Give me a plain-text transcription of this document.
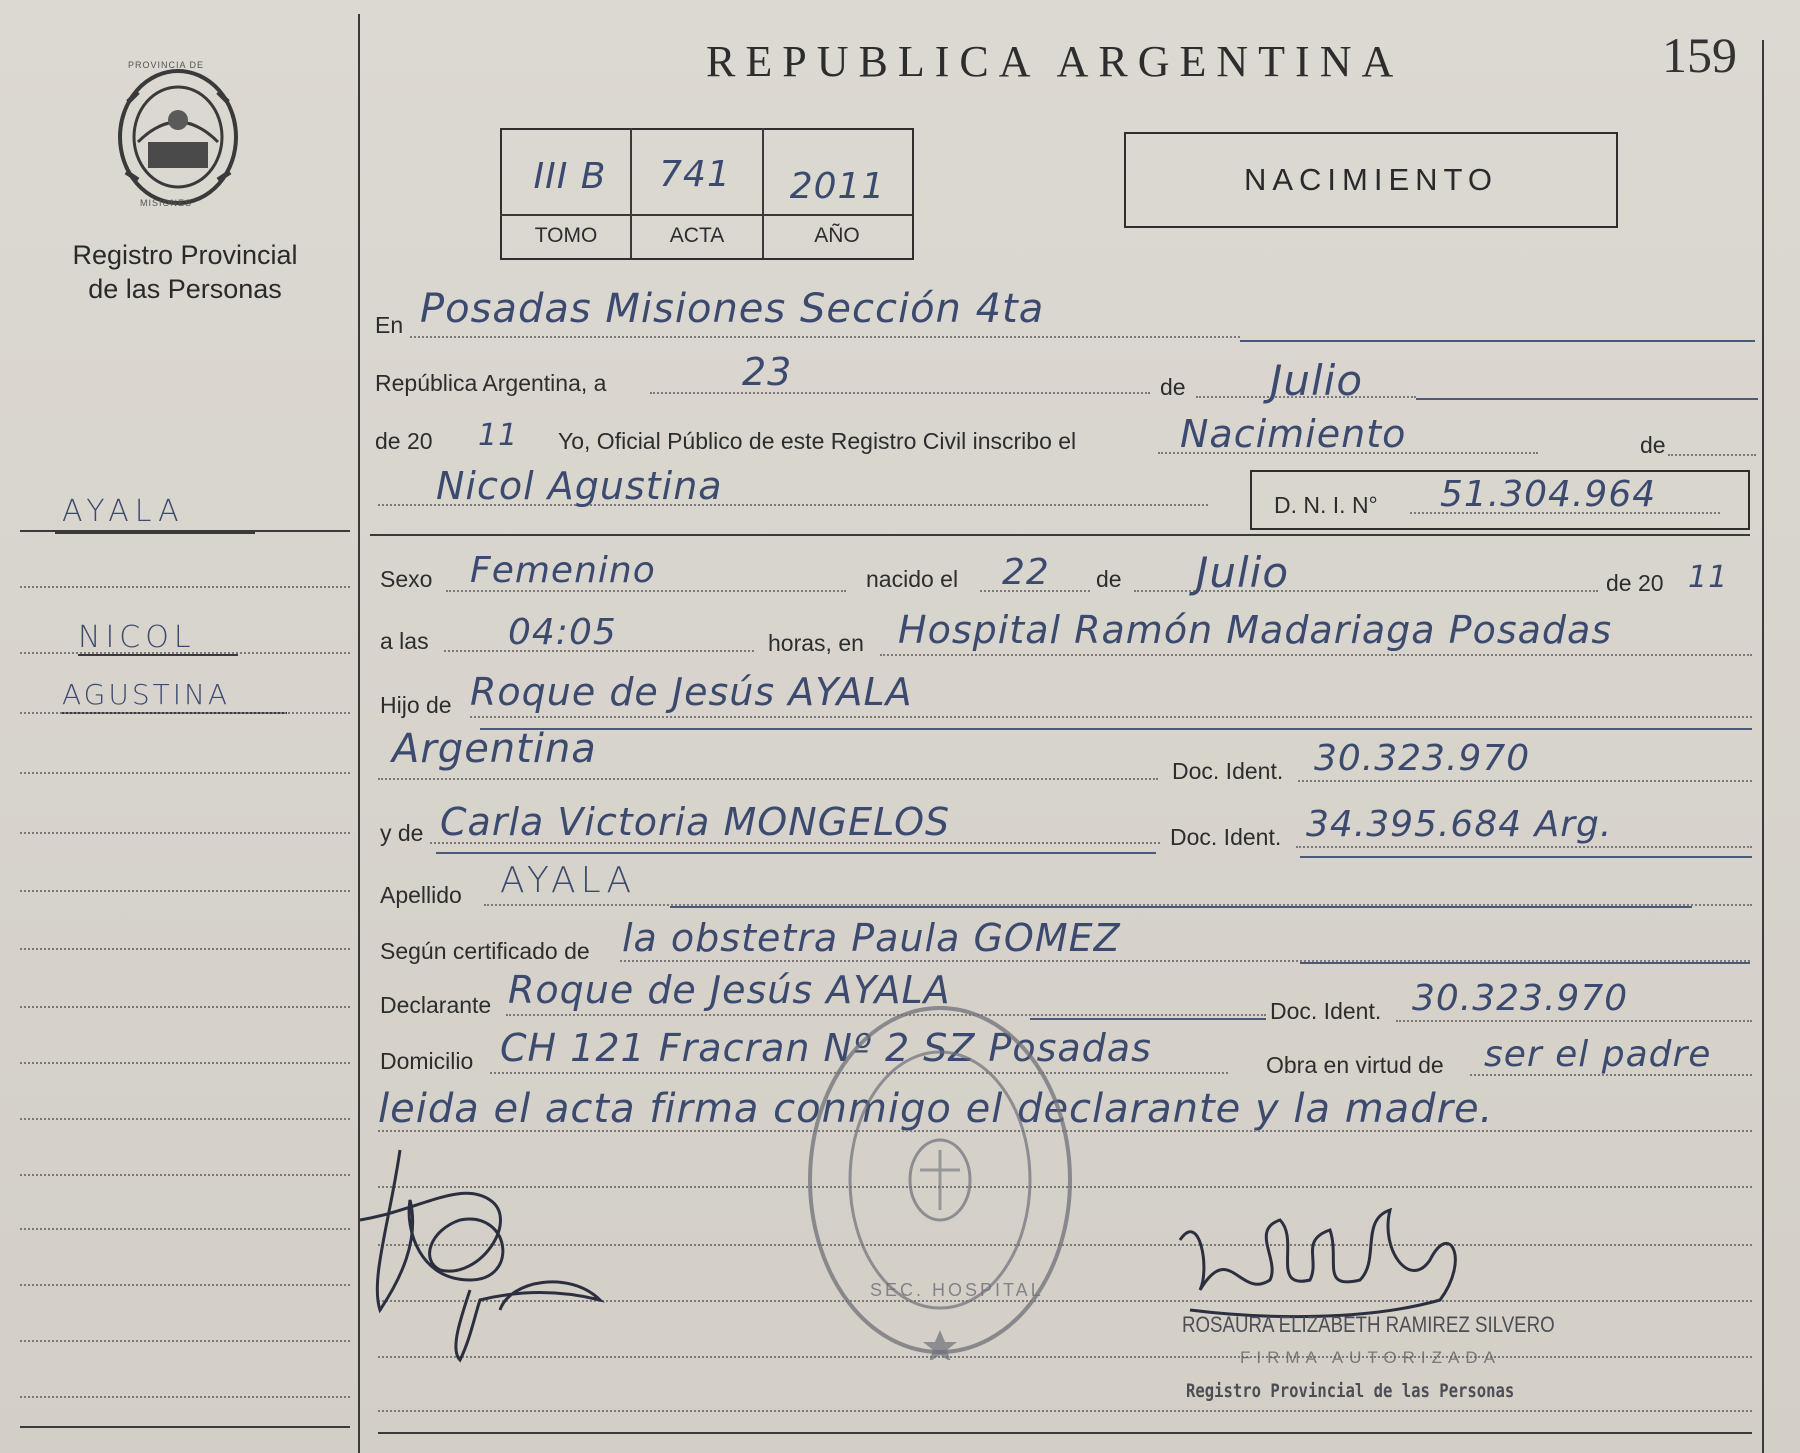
PROVINCIA DE
MISIONES
Registro Provincial
de las Personas
REPUBLICA ARGENTINA	159
III B	741	2011
TOMO	ACTA	AÑO
NACIMIENTO
AYALA
NICOL
AGUSTINA
En Posadas Misiones Sección 4ta
República Argentina, a	23	de Julio
de 20 11 Yo, Oficial Público de este Registro Civil inscribo el	Nacimiento	de
Nicol Agustina	D. N. I. N° 51.304.964
Sexo Femenino	nacido el 22 de Julio	de 20 11
a las 04:05	horas, en Hospital Ramón Madariaga Posadas
Hijo de Roque de Jesús AYALA
Argentina	Doc. Ident. 30.323.970
y de Carla Victoria MONGELOS	Doc. Ident. 34.395.684 Arg.
Apellido AYALA
Según certificado de la obstetra Paula GOMEZ
Declarante Roque de Jesús AYALA	Doc. Ident. 30.323.970
Domicilio CH 121 Fracran Nº 2 SZ Posadas	Obra en virtud de ser el padre
leida el acta firma conmigo el declarante y la madre.
SEC. HOSPITAL
ROSAURA ELIZABETH RAMIREZ SILVERO
FIRMA AUTORIZADA
Registro Provincial de las Personas
